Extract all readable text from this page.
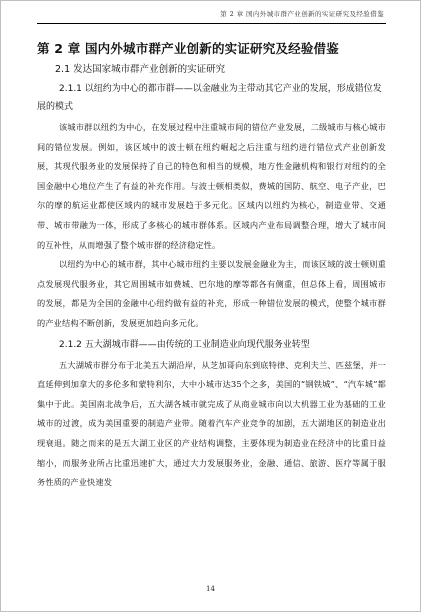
第 2 章 国内外城市群产业创新的实证研究及经验借鉴
第 2 章 国内外城市群产业创新的实证研究及经验借鉴
2.1 发达国家城市群产业创新的实证研究
2.1.1 以纽约为中心的都市群——以金融业为主带动其它产业的发展，形成错位发展的模式

该城市群以纽约为中心，在发展过程中注重城市间的错位产业发展，二级城市与核心城市间的错位发展。例如，该区域中的波士顿在纽约崛起之后注重与纽约进行错位式产业创新发展，其现代服务业的发展保持了自己的特色和相当的规模，地方性金融机构和银行对纽约的全国金融中心地位产生了有益的补充作用。与波士顿相类似，费城的国防、航空、电子产业，巴尔的摩的航运业都使区域内的城市发展趋于多元化。区域内以纽约为核心，制造业带、交通带、城市带融为一体，形成了多核心的城市群体系。区域内产业布局调整合理，增大了城市间的互补性，从而增强了整个城市群的经济稳定性。

以纽约为中心的城市群，其中心城市纽约主要以发展金融业为主，而该区域的波士顿则重点发展现代服务业，其它周围城市如费城、巴尔地的摩等都各有侧重，但总体上看，周围城市的发展，都是为全国的金融中心纽约做有益的补充，形成一种错位发展的模式，使整个城市群的产业结构不断创新，发展更加趋向多元化。

2.1.2 五大湖城市群——由传统的工业制造业向现代服务业转型

五大湖城市群分布于北美五大湖沿岸，从芝加哥向东到底特律、克利夫兰、匹兹堡，并一直延伸到加拿大的多伦多和蒙特利尔，大中小城市达35个之多，美国的“钢铁城”、“汽车城”都集中于此。美国南北战争后，五大湖各城市就完成了从商业城市向以大机器工业为基础的工业城市的过渡，成为美国重要的制造产业带。随着汽车产业竞争的加剧，五大湖地区的制造业出现衰退。随之而来的是五大湖工业区的产业结构调整，主要体现为制造业在经济中的比重日益缩小，而服务业所占比重迅速扩大，通过大力发展服务业，金融、通信、旅游、医疗等属于服务性质的产业快速发

14
